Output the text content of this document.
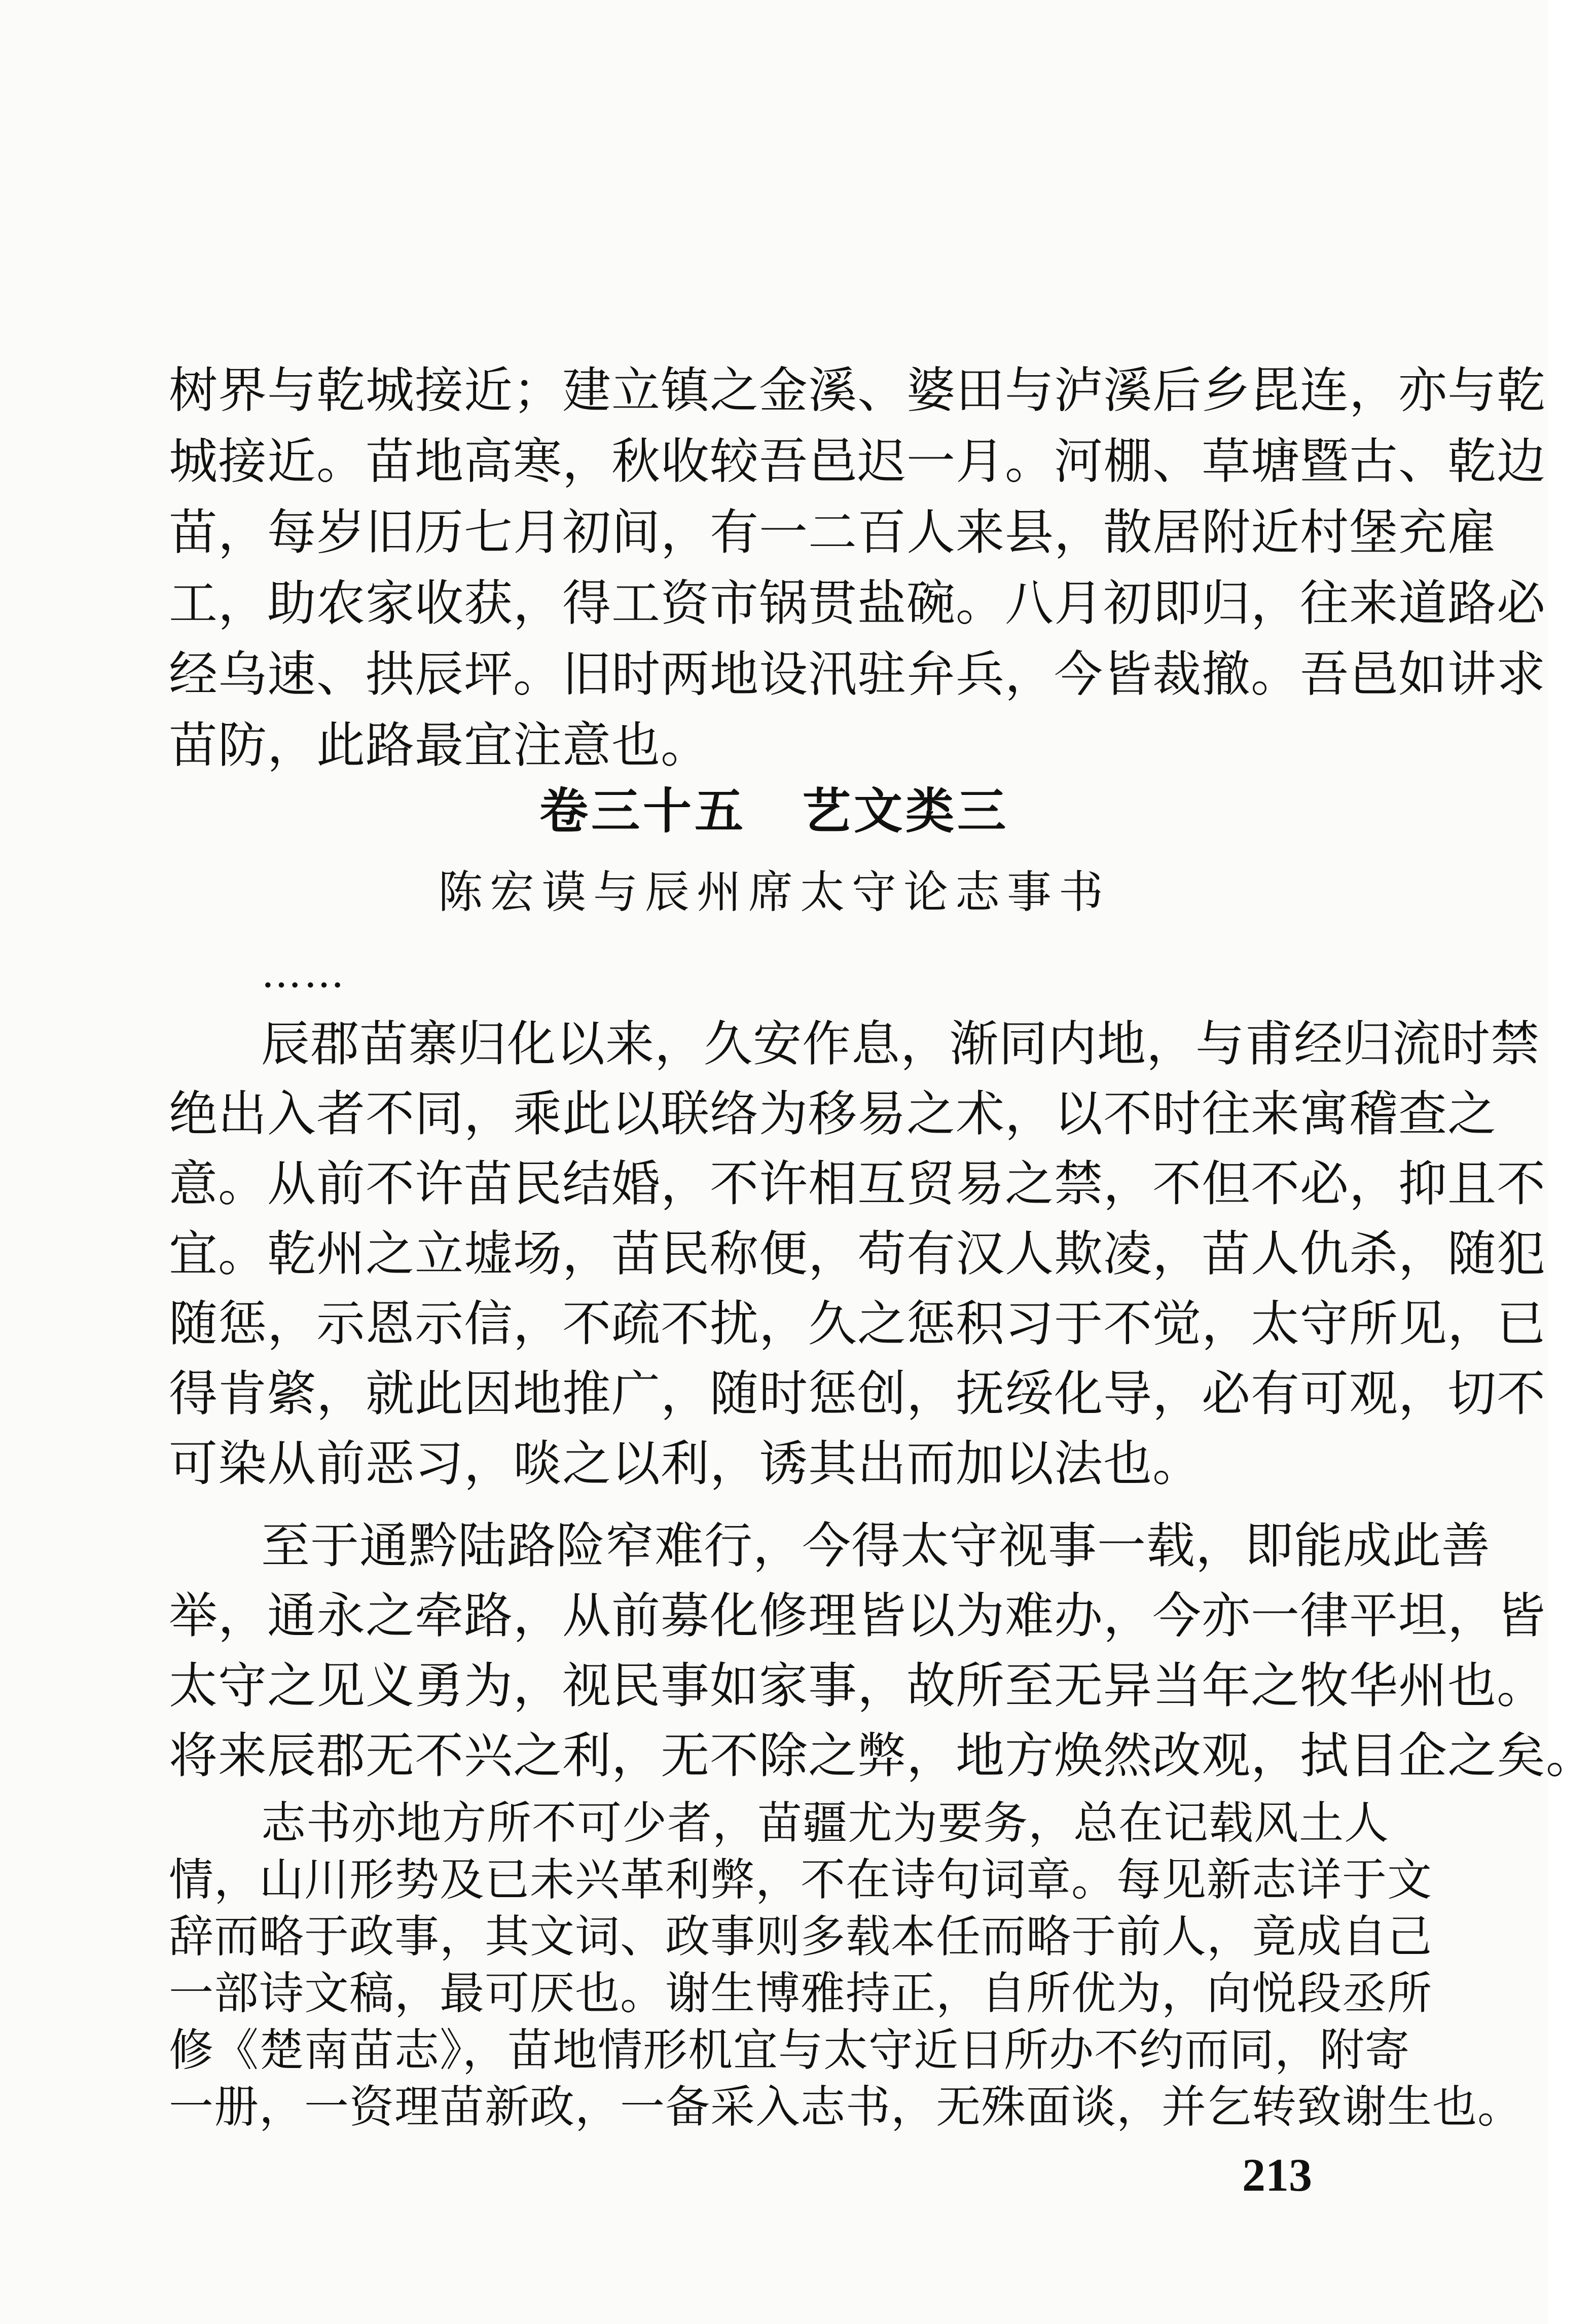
树界与乾城接近；建立镇之金溪、婆田与泸溪后乡毘连，亦与乾
城接近。苗地高寒，秋收较吾邑迟一月。河棚、草塘暨古、乾边
苗，每岁旧历七月初间，有一二百人来县，散居附近村堡充雇
工，助农家收获，得工资市锅贯盐碗。八月初即归，往来道路必
经乌速、拱辰坪。旧时两地设汛驻弁兵，今皆裁撤。吾邑如讲求
卷三十五 艺文类三
陈宏谟与辰州席太守论志事书
……
辰郡苗寨归化以来，久安作息，渐同内地，与甫经归流时禁
绝出入者不同，乘此以联络为移易之术，以不时往来寓稽查之
意。从前不许苗民结婚，不许相互贸易之禁，不但不必，抑且不
宜。乾州之立墟场，苗民称便，苟有汉人欺凌，苗人仇杀，随犯
随惩，示恩示信，不疏不扰，久之惩积习于不觉，太守所见，已
得肯綮，就此因地推广，随时惩创，抚绥化导，必有可观，切不
可染从前恶习，啖之以利，诱其出而加以法也。
至于通黔陆路险窄难行，今得太守视事一载，即能成此善
举，通永之牵路，从前募化修理皆以为难办，今亦一律平坦，皆
太守之见义勇为，视民事如家事，故所至无异当年之牧华州也。
将来辰郡无不兴之利，无不除之弊，地方焕然改观，拭目企之矣。
志书亦地方所不可少者，苗疆尤为要务，总在记载风土人
情，山川形势及已未兴革利弊，不在诗句词章。每见新志详于文
辞而略于政事，其文词、政事则多载本任而略于前人，竟成自己
一部诗文稿，最可厌也。谢生博雅持正，自所优为，向悦段丞所
修《楚南苗志》，苗地情形机宜与太守近日所办不约而同，附寄
一册，一资理苗新政，一备采入志书，无殊面谈，并乞转致谢生也。
213
苗防，此路最宜注意也。
